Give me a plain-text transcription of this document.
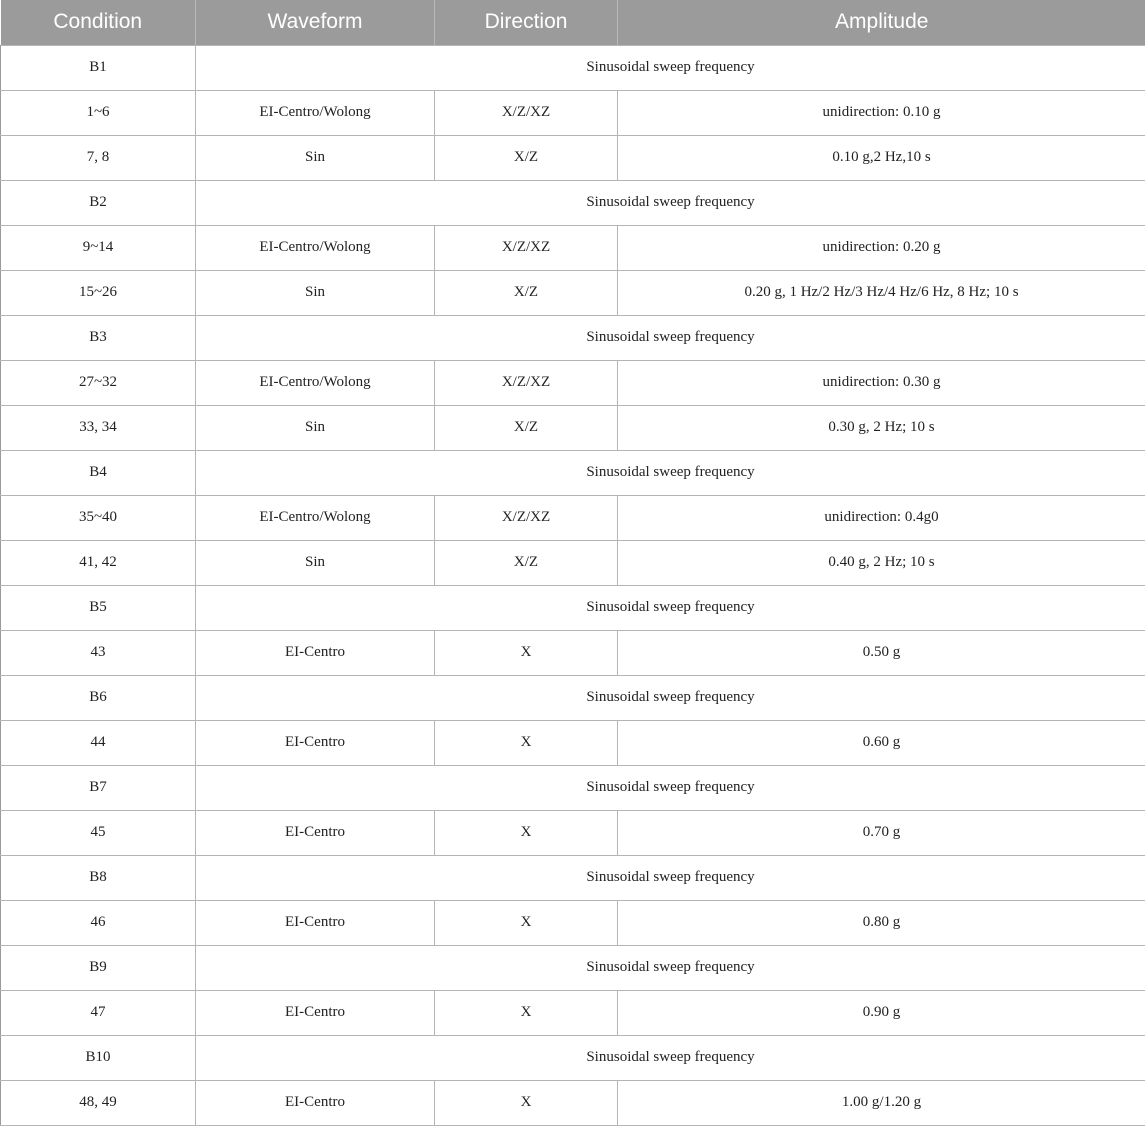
Condition	Waveform	Direction	Amplitude
B1	Sinusoidal sweep frequency		
1~6	EI-Centro/Wolong	X/Z/XZ	unidirection: 0.10 g
7, 8	Sin	X/Z	0.10 g,2 Hz,10 s
B2	Sinusoidal sweep frequency		
9~14	EI-Centro/Wolong	X/Z/XZ	unidirection: 0.20 g
15~26	Sin	X/Z	0.20 g, 1 Hz/2 Hz/3 Hz/4 Hz/6 Hz, 8 Hz; 10 s
B3	Sinusoidal sweep frequency		
27~32	EI-Centro/Wolong	X/Z/XZ	unidirection: 0.30 g
33, 34	Sin	X/Z	0.30 g, 2 Hz; 10 s
B4	Sinusoidal sweep frequency		
35~40	EI-Centro/Wolong	X/Z/XZ	unidirection: 0.4g0
41, 42	Sin	X/Z	0.40 g, 2 Hz; 10 s
B5	Sinusoidal sweep frequency		
43	EI-Centro	X	0.50 g
B6	Sinusoidal sweep frequency		
44	EI-Centro	X	0.60 g
B7	Sinusoidal sweep frequency		
45	EI-Centro	X	0.70 g
B8	Sinusoidal sweep frequency		
46	EI-Centro	X	0.80 g
B9	Sinusoidal sweep frequency		
47	EI-Centro	X	0.90 g
B10	Sinusoidal sweep frequency		
48, 49	EI-Centro	X	1.00 g/1.20 g
